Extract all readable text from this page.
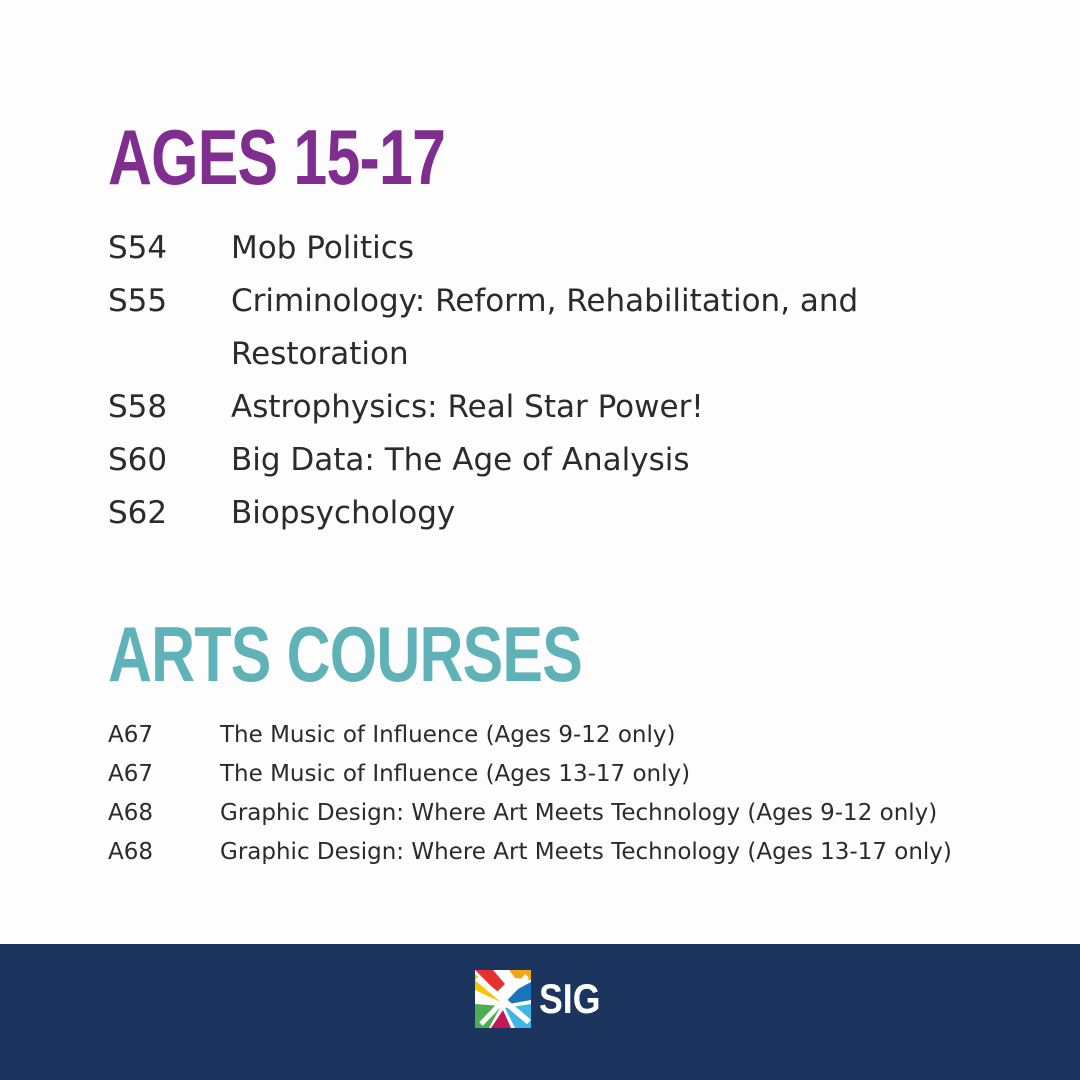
AGES 15-17
S54	Mob Politics
S55	Criminology: Reform, Rehabilitation, and Restoration
S58	Astrophysics: Real Star Power!
S60	Big Data: The Age of Analysis
S62	Biopsychology
ARTS COURSES
A67	The Music of Influence (Ages 9-12 only)
A67	The Music of Influence (Ages 13-17 only)
A68	Graphic Design: Where Art Meets Technology (Ages 9-12 only)
A68	Graphic Design: Where Art Meets Technology (Ages 13-17 only)
SIG
